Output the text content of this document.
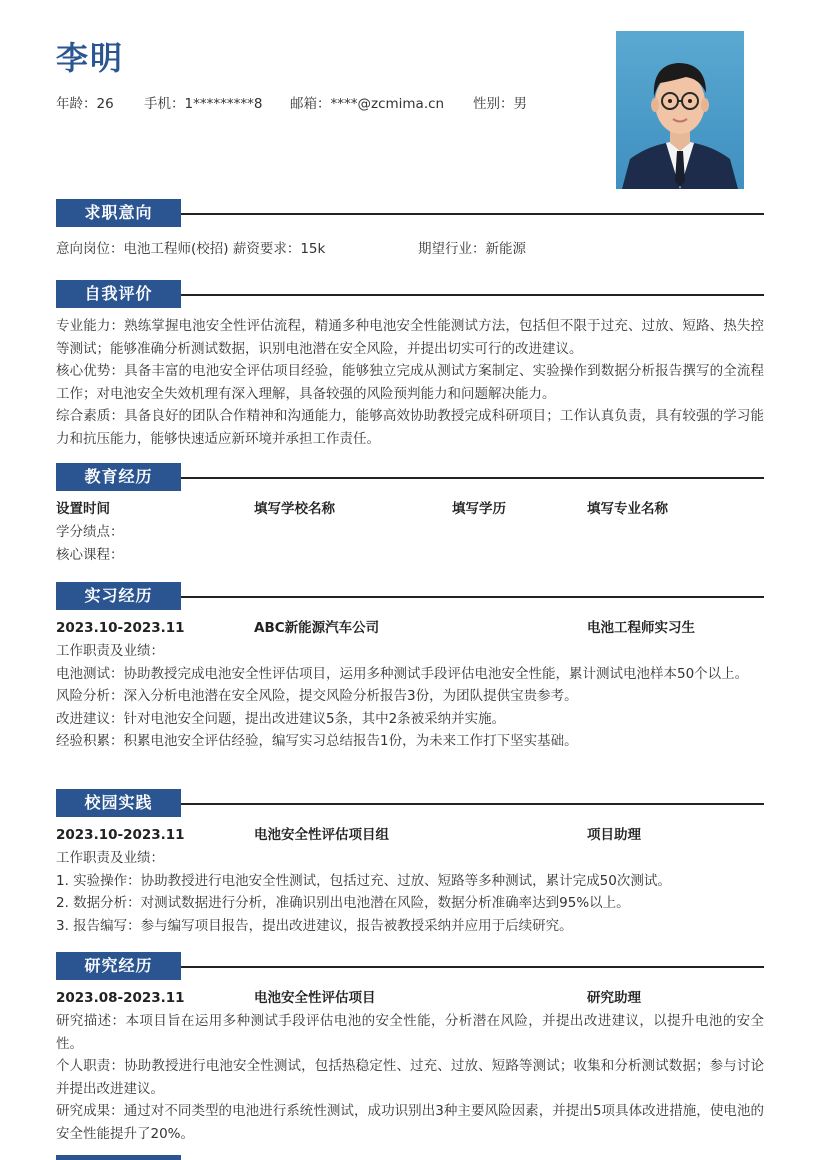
李明
年龄：26	手机：1*********8	邮箱：****@zcmima.cn	性别：男
求职意向
意向岗位：电池工程师(校招) 薪资要求：15k	期望行业：新能源
自我评价

专业能力：熟练掌握电池安全性评估流程，精通多种电池安全性能测试方法，包括但不限于过充、过放、短路、热失控等测试；能够准确分析测试数据，识别电池潜在安全风险，并提出切实可行的改进建议。

核心优势：具备丰富的电池安全评估项目经验，能够独立完成从测试方案制定、实验操作到数据分析报告撰写的全流程工作；对电池安全失效机理有深入理解，具备较强的风险预判能力和问题解决能力。

综合素质：具备良好的团队合作精神和沟通能力，能够高效协助教授完成科研项目；工作认真负责，具有较强的学习能力和抗压能力，能够快速适应新环境并承担工作责任。

教育经历
设置时间	填写学校名称	填写学历	填写专业名称

学分绩点：

核心课程：

实习经历
2023.10-2023.11	ABC新能源汽车公司	电池工程师实习生

工作职责及业绩：

电池测试：协助教授完成电池安全性评估项目，运用多种测试手段评估电池安全性能，累计测试电池样本50个以上。

风险分析：深入分析电池潜在安全风险，提交风险分析报告3份，为团队提供宝贵参考。

改进建议：针对电池安全问题，提出改进建议5条，其中2条被采纳并实施。

经验积累：积累电池安全评估经验，编写实习总结报告1份，为未来工作打下坚实基础。

校园实践
2023.10-2023.11	电池安全性评估项目组	项目助理

工作职责及业绩：

1. 实验操作：协助教授进行电池安全性测试，包括过充、过放、短路等多种测试，累计完成50次测试。

2. 数据分析：对测试数据进行分析，准确识别出电池潜在风险，数据分析准确率达到95%以上。

3. 报告编写：参与编写项目报告，提出改进建议，报告被教授采纳并应用于后续研究。

研究经历
2023.08-2023.11	电池安全性评估项目	研究助理

研究描述：本项目旨在运用多种测试手段评估电池的安全性能，分析潜在风险，并提出改进建议，以提升电池的安全性。

个人职责：协助教授进行电池安全性测试，包括热稳定性、过充、过放、短路等测试；收集和分析测试数据；参与讨论并提出改进建议。

研究成果：通过对不同类型的电池进行系统性测试，成功识别出3种主要风险因素，并提出5项具体改进措施，使电池的安全性能提升了20%。
